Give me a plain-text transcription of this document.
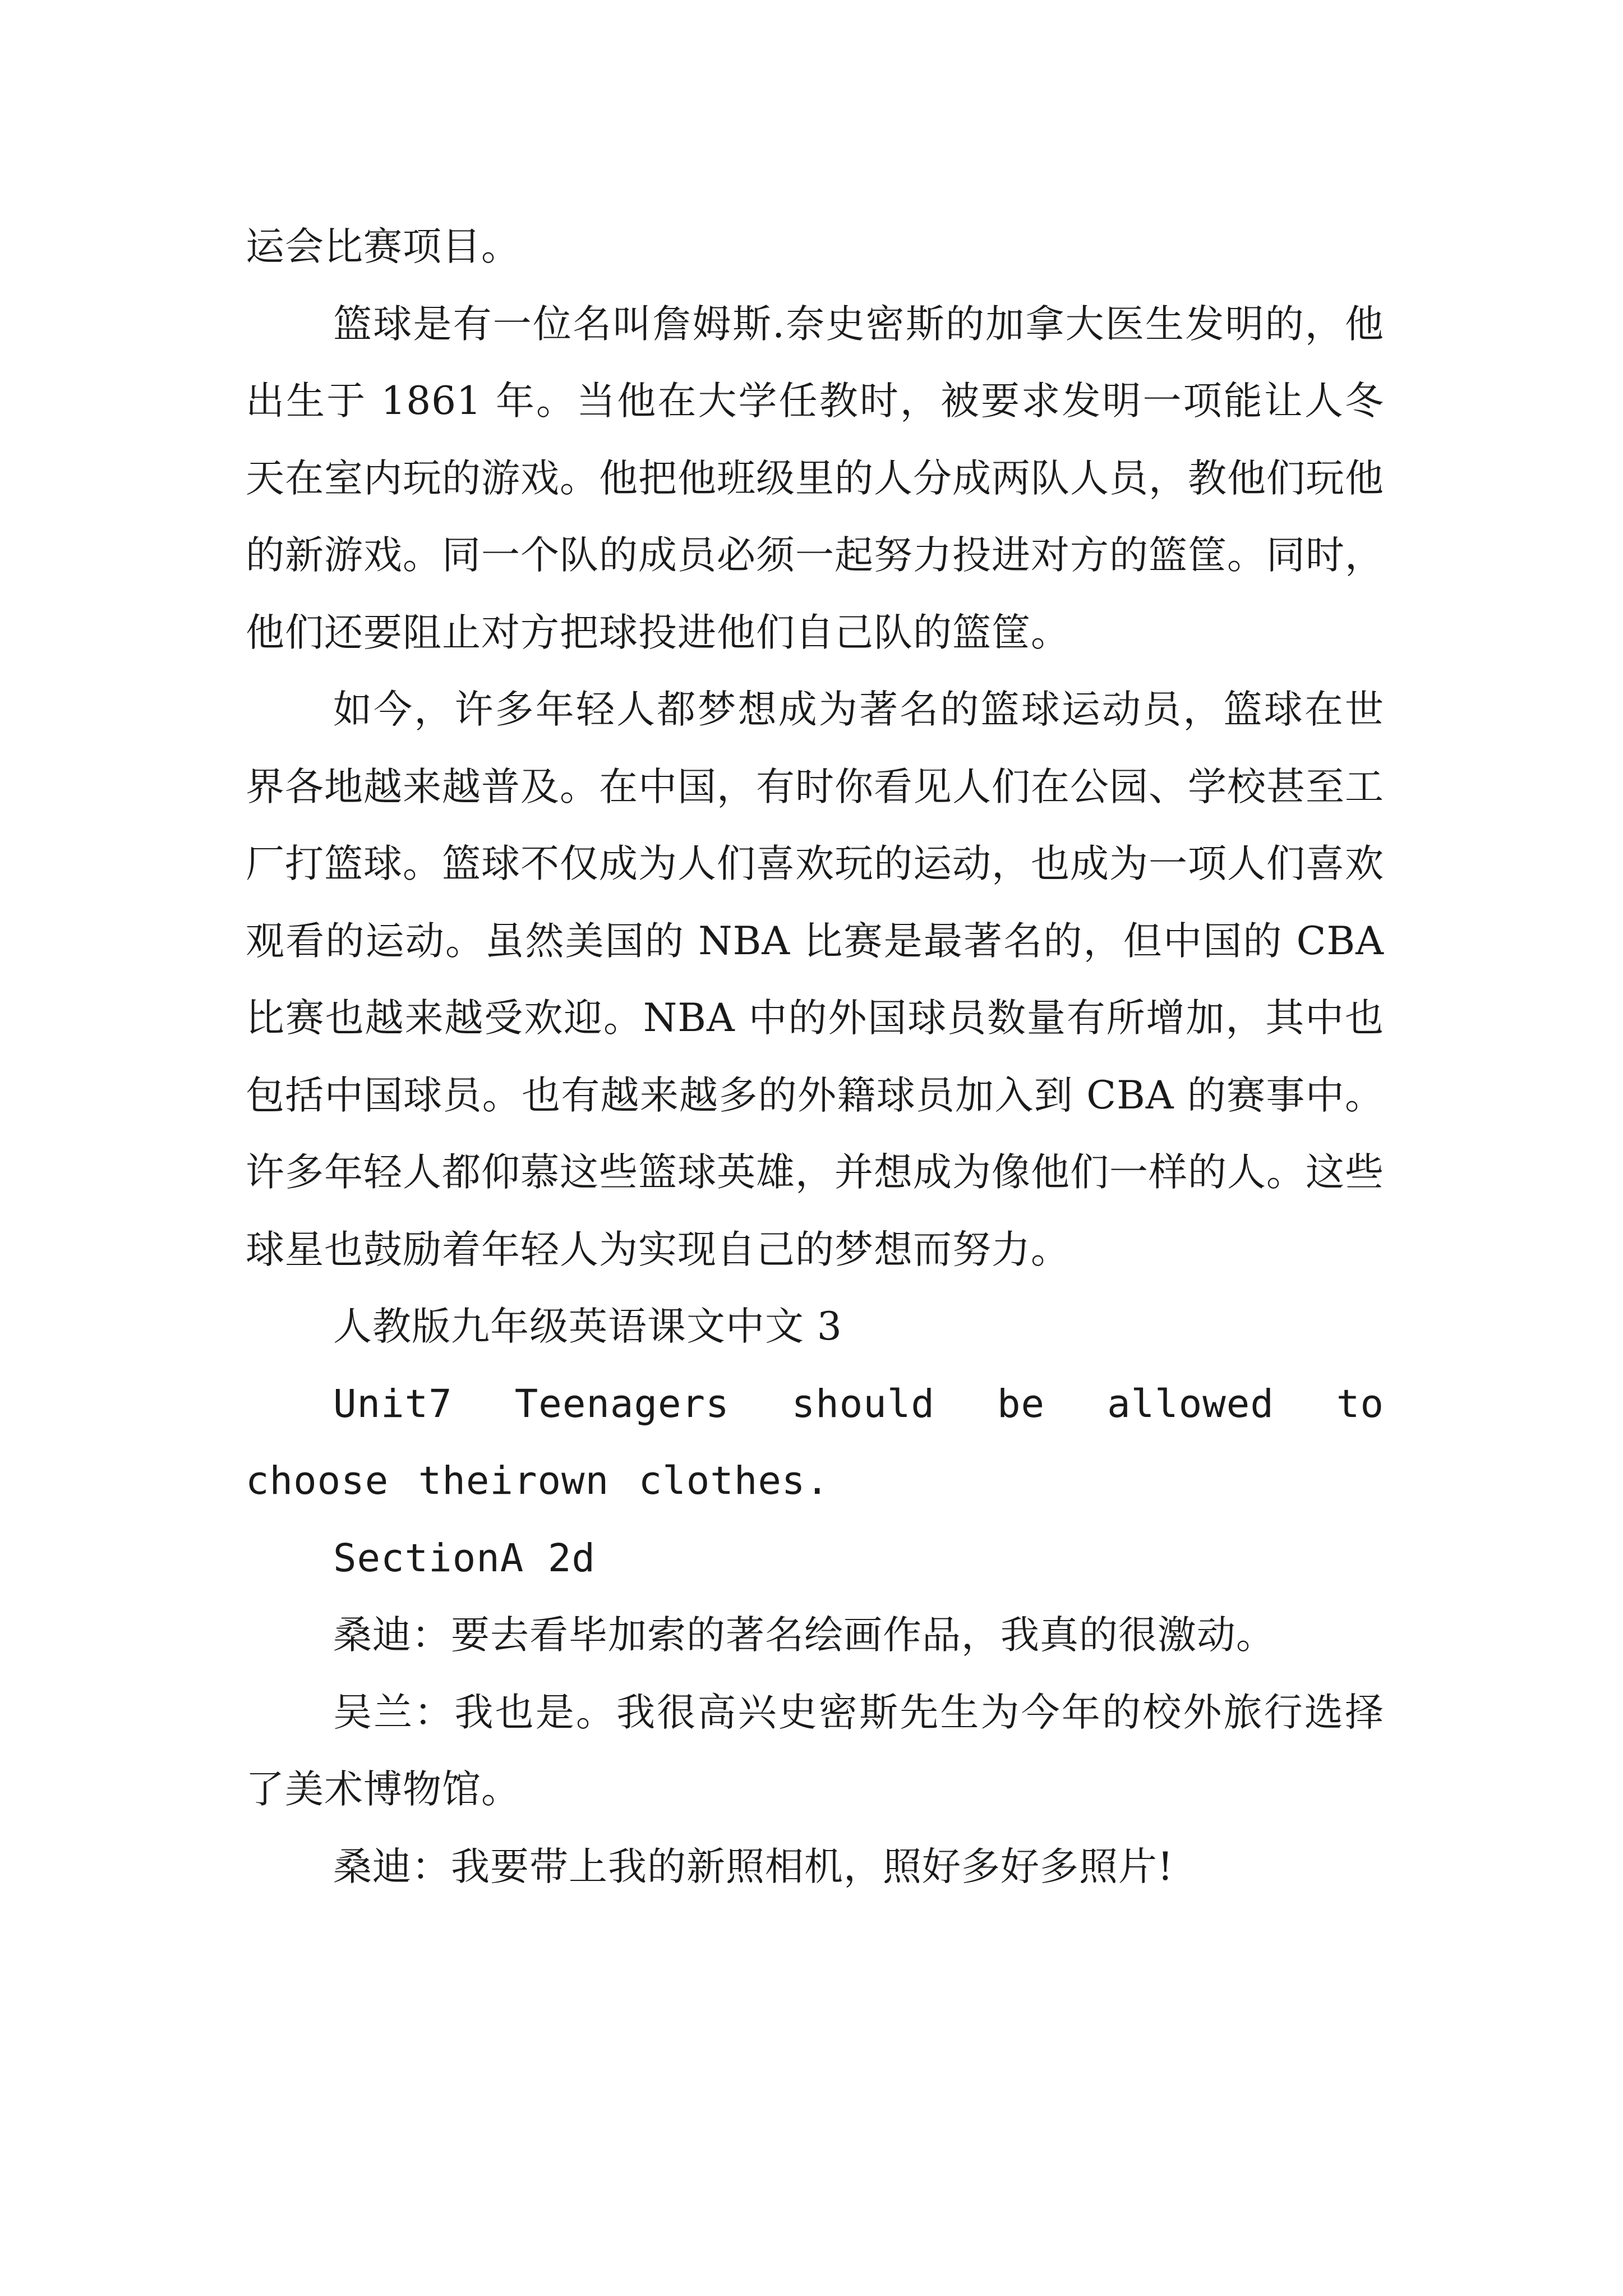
运会比赛项目。

篮球是有一位名叫詹姆斯.奈史密斯的加拿大医生发明的，他出生于 1861 年。当他在大学任教时，被要求发明一项能让人冬天在室内玩的游戏。他把他班级里的人分成两队人员，教他们玩他的新游戏。同一个队的成员必须一起努力投进对方的篮筐。同时，他们还要阻止对方把球投进他们自己队的篮筐。

如今，许多年轻人都梦想成为著名的篮球运动员，篮球在世界各地越来越普及。在中国，有时你看见人们在公园、学校甚至工厂打篮球。篮球不仅成为人们喜欢玩的运动，也成为一项人们喜欢观看的运动。虽然美国的 NBA 比赛是最著名的，但中国的 CBA 比赛也越来越受欢迎。NBA 中的外国球员数量有所增加，其中也包括中国球员。也有越来越多的外籍球员加入到 CBA 的赛事中。许多年轻人都仰慕这些篮球英雄，并想成为像他们一样的人。这些球星也鼓励着年轻人为实现自己的梦想而努力。

人教版九年级英语课文中文 3

Unit7 Teenagers should be allowed to choose theirown clothes.

SectionA 2d

桑迪：要去看毕加索的著名绘画作品，我真的很激动。

吴兰：我也是。我很高兴史密斯先生为今年的校外旅行选择了美术博物馆。

桑迪：我要带上我的新照相机，照好多好多照片!
